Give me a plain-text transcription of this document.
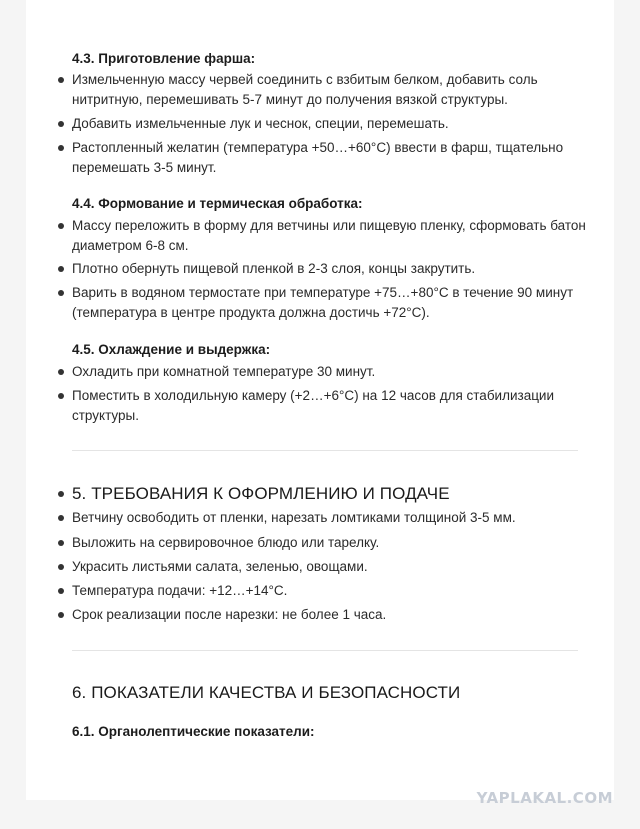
4.3. Приготовление фарша:
Измельченную массу червей соединить с взбитым белком, добавить соль нитритную, перемешивать 5-7 минут до получения вязкой структуры.
Добавить измельченные лук и чеснок, специи, перемешать.
Растопленный желатин (температура +50…+60°С) ввести в фарш, тщательно перемешать 3-5 минут.
4.4. Формование и термическая обработка:
Массу переложить в форму для ветчины или пищевую пленку, сформовать батон диаметром 6-8 см.
Плотно обернуть пищевой пленкой в 2-3 слоя, концы закрутить.
Варить в водяном термостате при температуре +75…+80°С в течение 90 минут (температура в центре продукта должна достичь +72°С).
4.5. Охлаждение и выдержка:
Охладить при комнатной температуре 30 минут.
Поместить в холодильную камеру (+2…+6°С) на 12 часов для стабилизации структуры.
5. ТРЕБОВАНИЯ К ОФОРМЛЕНИЮ И ПОДАЧЕ
Ветчину освободить от пленки, нарезать ломтиками толщиной 3-5 мм.
Выложить на сервировочное блюдо или тарелку.
Украсить листьями салата, зеленью, овощами.
Температура подачи: +12…+14°С.
Срок реализации после нарезки: не более 1 часа.
6. ПОКАЗАТЕЛИ КАЧЕСТВА И БЕЗОПАСНОСТИ
6.1. Органолептические показатели:
YAPLAKAL.COM
